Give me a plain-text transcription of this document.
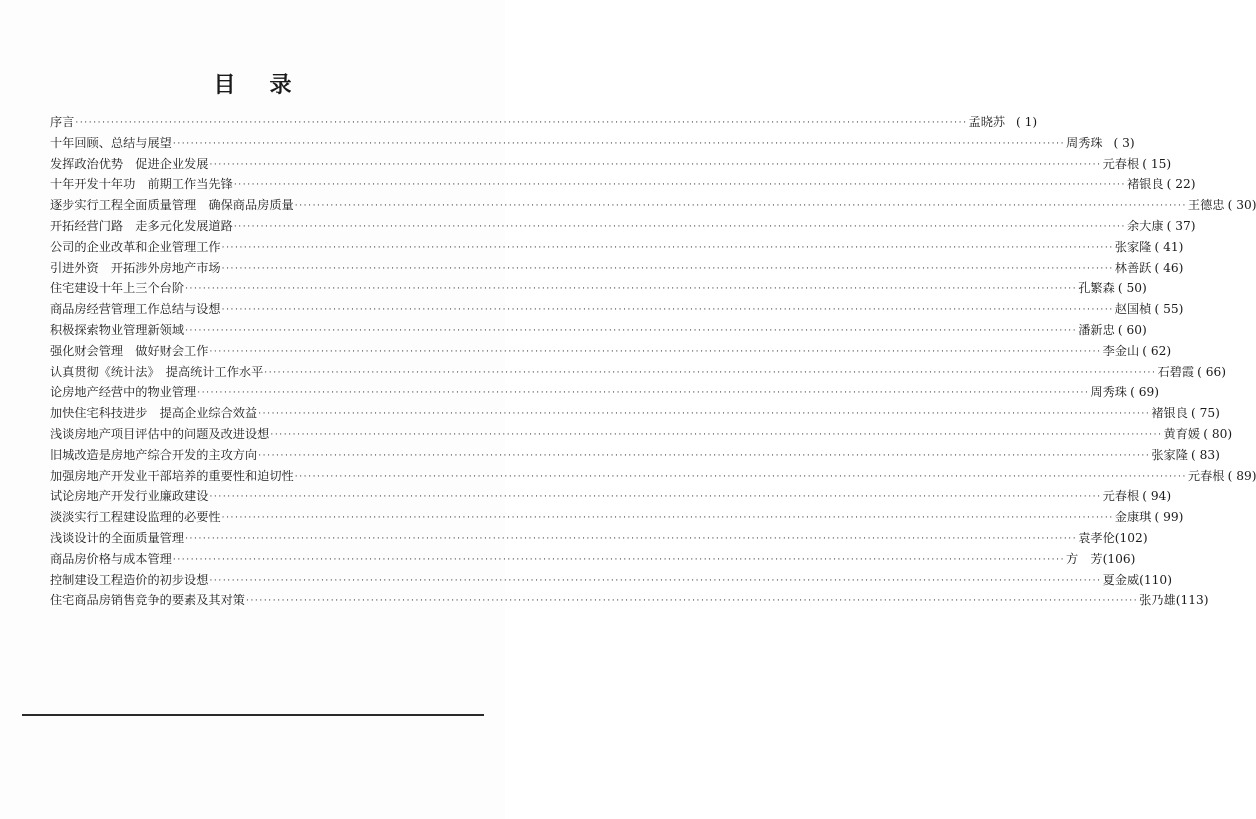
目 录
序言 ········································································································································································································ 孟晓苏 ( 1)
十年回顾、总结与展望 ········································································································································································································ 周秀珠 ( 3)
发挥政治优势　促进企业发展 ········································································································································································································ 元春根 ( 15)
十年开发十年功　前期工作当先锋 ········································································································································································································ 褚银良 ( 22)
逐步实行工程全面质量管理　确保商品房质量 ········································································································································································································ 王德忠 ( 30)
开拓经营门路　走多元化发展道路 ········································································································································································································ 余大康 ( 37)
公司的企业改革和企业管理工作 ········································································································································································································ 张家隆 ( 41)
引进外资　开拓涉外房地产市场 ········································································································································································································ 林善跃 ( 46)
住宅建设十年上三个台阶 ········································································································································································································ 孔繁森 ( 50)
商品房经营管理工作总结与设想 ········································································································································································································ 赵国楨 ( 55)
积极探索物业管理新领域 ········································································································································································································ 潘新忠 ( 60)
强化财会管理　做好财会工作 ········································································································································································································ 李金山 ( 62)
认真贯彻《统计法》　提高统计工作水平 ········································································································································································································ 石碧霞 ( 66)
论房地产经营中的物业管理 ········································································································································································································ 周秀珠 ( 69)
加快住宅科技进步　提高企业综合效益 ········································································································································································································ 褚银良 ( 75)
浅谈房地产项目评估中的问题及改进设想 ········································································································································································································ 黄育媛 ( 80)
旧城改造是房地产综合开发的主攻方向 ········································································································································································································ 张家隆 ( 83)
加强房地产开发业干部培养的重要性和迫切性 ········································································································································································································ 元春根 ( 89)
试论房地产开发行业廉政建设 ········································································································································································································ 元春根 ( 94)
淡淡实行工程建设监理的必要性 ········································································································································································································ 金康琪 ( 99)
浅谈设计的全面质量管理 ········································································································································································································ 袁孝伦 (102)
商品房价格与成本管理 ········································································································································································································ 方　芳 (106)
控制建设工程造价的初步设想 ········································································································································································································ 夏金威 (110)
住宅商品房销售竞争的要素及其对策 ········································································································································································································ 张乃雄 (113)
